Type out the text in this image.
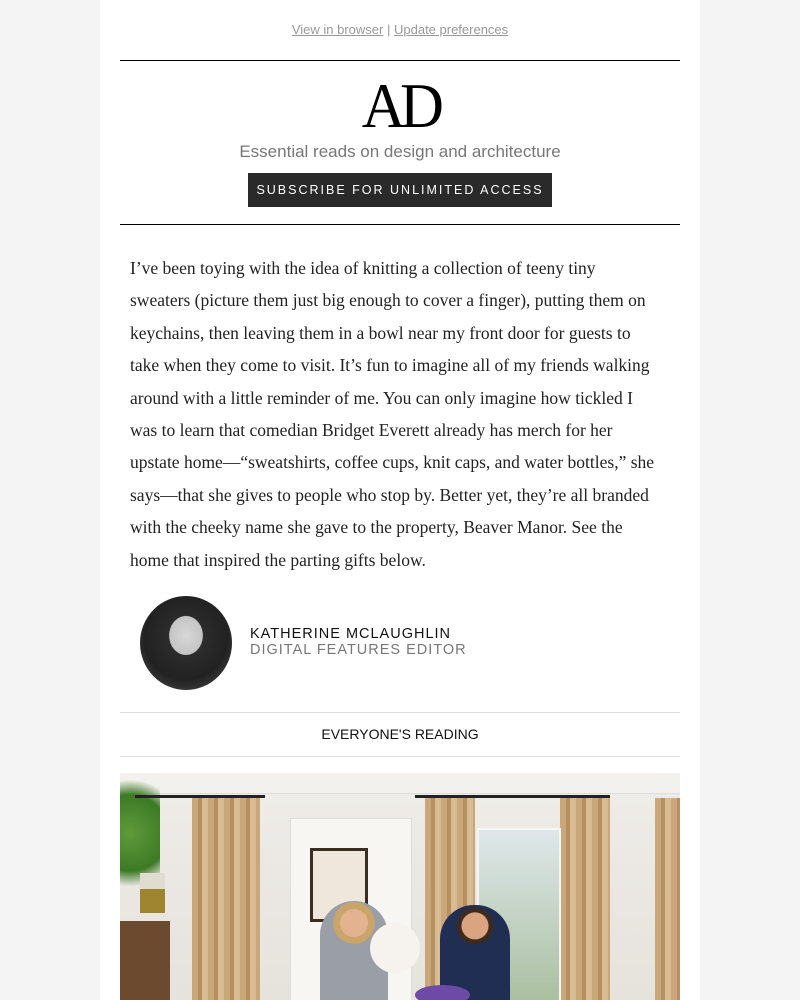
View in browser | Update preferences
AD
Essential reads on design and architecture
SUBSCRIBE FOR UNLIMITED ACCESS
I’ve been toying with the idea of knitting a collection of teeny tiny
sweaters (picture them just big enough to cover a finger), putting them on
keychains, then leaving them in a bowl near my front door for guests to
take when they come to visit. It’s fun to imagine all of my friends walking
around with a little reminder of me. You can only imagine how tickled I
was to learn that comedian Bridget Everett already has merch for her
upstate home—“sweatshirts, coffee cups, knit caps, and water bottles,” she
says—that she gives to people who stop by. Better yet, they’re all branded
with the cheeky name she gave to the property, Beaver Manor. See the
home that inspired the parting gifts below.
KATHERINE MCLAUGHLIN
DIGITAL FEATURES EDITOR
EVERYONE'S READING
